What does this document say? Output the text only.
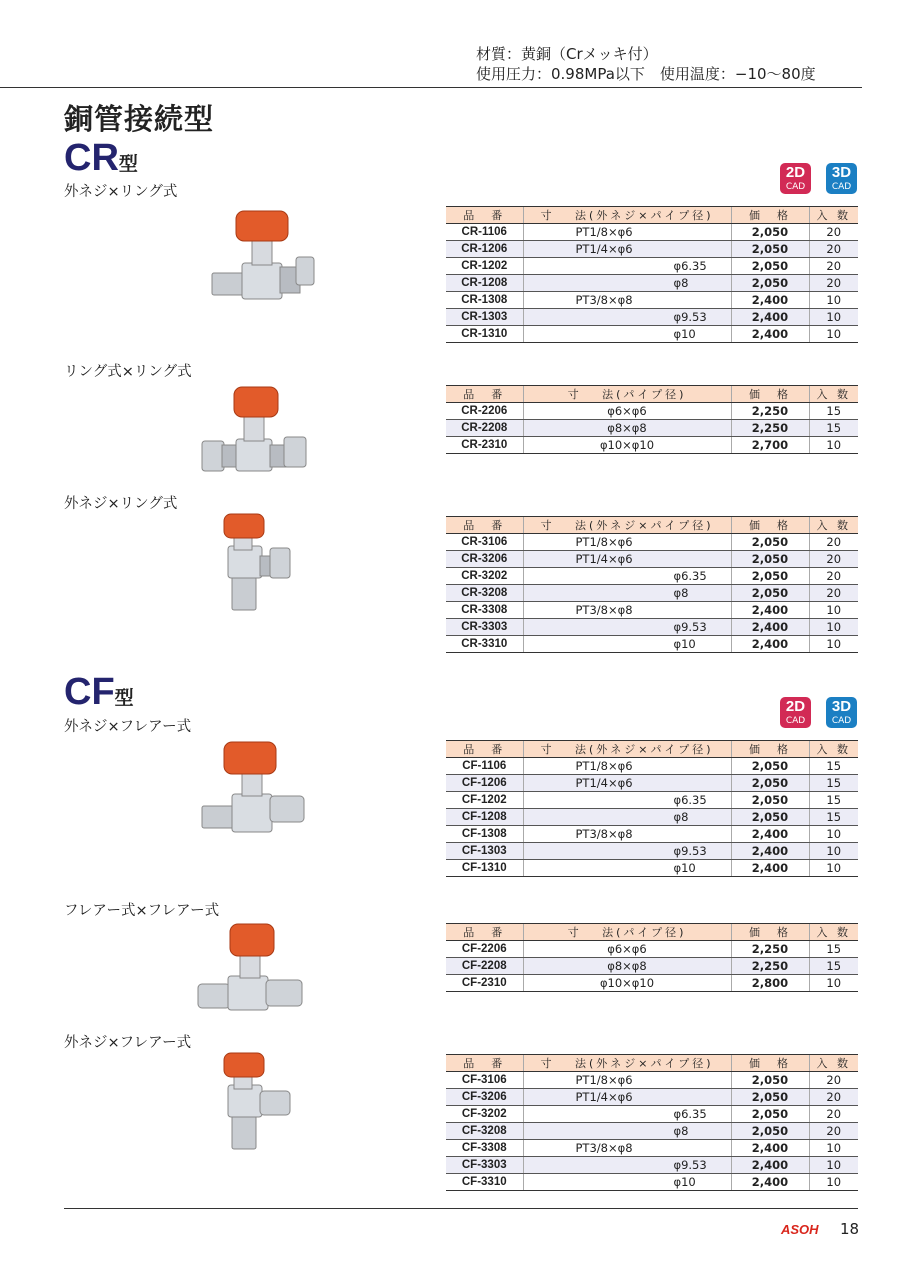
材質：黄銅（Crメッキ付）
使用圧力：0.98MPa以下　使用温度：−10〜80度
銅管接続型
CR型	2D
CAD
3D
CAD
外ネジ×リング式
品　番	寸　 法(外ネジ×パイプ径)	価　格	入 数
CR-1106	PT1/8×φ6	2,050	20
CR-1206	PT1/4×φ6	2,050	20
CR-1202	φ6.35	2,050	20
CR-1208	φ8	2,050	20
CR-1308	PT3/8×φ8	2,400	10
CR-1303	φ9.53	2,400	10
CR-1310	φ10	2,400	10
リング式×リング式
品　番	寸　 法(パイプ径)	価　格	入 数
CR-2206	φ6×φ6	2,250	15
CR-2208	φ8×φ8	2,250	15
CR-2310	φ10×φ10	2,700	10
外ネジ×リング式
品　番	寸　 法(外ネジ×パイプ径)	価　格	入 数
CR-3106	PT1/8×φ6	2,050	20
CR-3206	PT1/4×φ6	2,050	20
CR-3202	φ6.35	2,050	20
CR-3208	φ8	2,050	20
CR-3308	PT3/8×φ8	2,400	10
CR-3303	φ9.53	2,400	10
CR-3310	φ10	2,400	10
CF型	2D
CAD
3D
CAD
外ネジ×フレアー式
品　番	寸　 法(外ネジ×パイプ径)	価　格	入 数
CF-1106	PT1/8×φ6	2,050	15
CF-1206	PT1/4×φ6	2,050	15
CF-1202	φ6.35	2,050	15
CF-1208	φ8	2,050	15
CF-1308	PT3/8×φ8	2,400	10
CF-1303	φ9.53	2,400	10
CF-1310	φ10	2,400	10
フレアー式×フレアー式
品　番	寸　 法(パイプ径)	価　格	入 数
CF-2206	φ6×φ6	2,250	15
CF-2208	φ8×φ8	2,250	15
CF-2310	φ10×φ10	2,800	10
外ネジ×フレアー式
品　番	寸　 法(外ネジ×パイプ径)	価　格	入 数
CF-3106	PT1/8×φ6	2,050	20
CF-3206	PT1/4×φ6	2,050	20
CF-3202	φ6.35	2,050	20
CF-3208	φ8	2,050	20
CF-3308	PT3/8×φ8	2,400	10
CF-3303	φ9.53	2,400	10
CF-3310	φ10	2,400	10
ASOH 18
